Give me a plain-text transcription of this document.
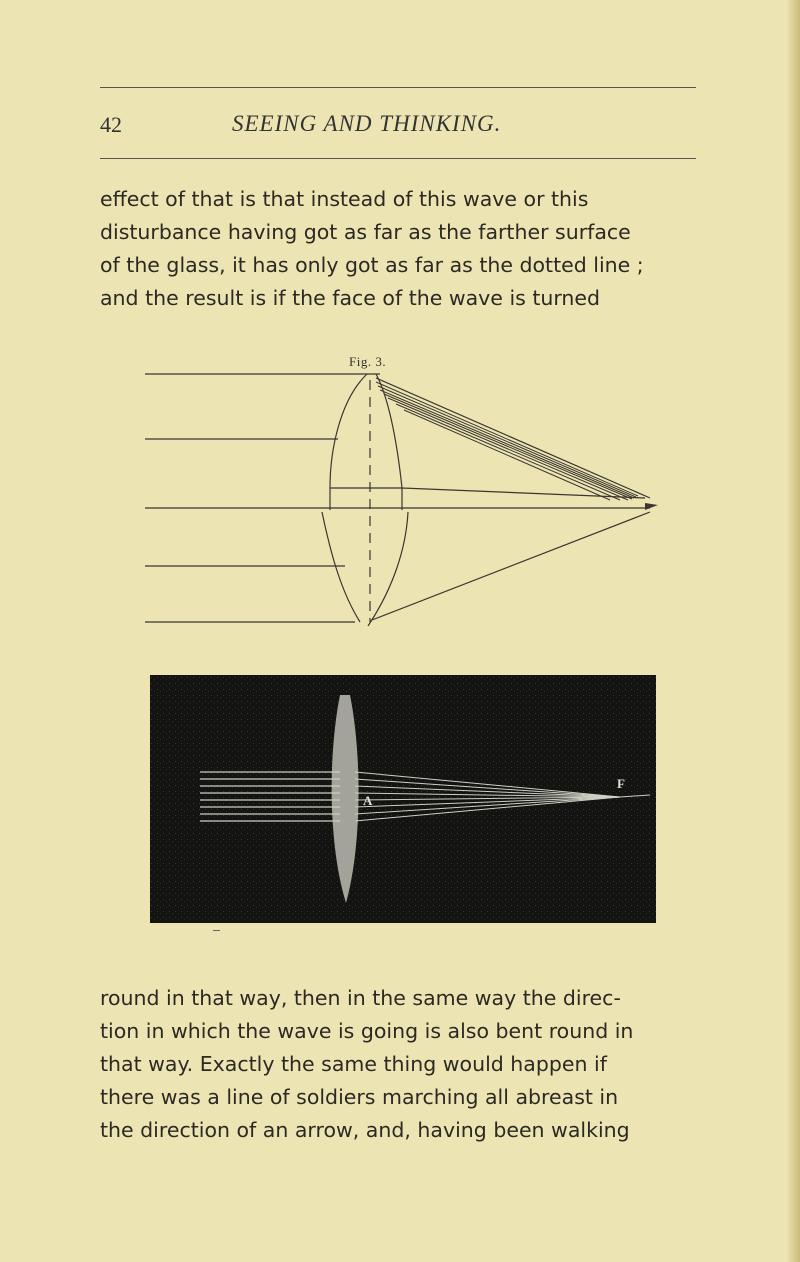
42	SEEING AND THINKING.
effect of that is that instead of this wave or this
disturbance having got as far as the farther surface
of the glass, it has only got as far as the dotted line ;
and the result is if the face of the wave is turned
Fig. 3.
A
F
round in that way, then in the same way the direc-
tion in which the wave is going is also bent round in
that way. Exactly the same thing would happen if
there was a line of soldiers marching all abreast in
the direction of an arrow, and, having been walking
